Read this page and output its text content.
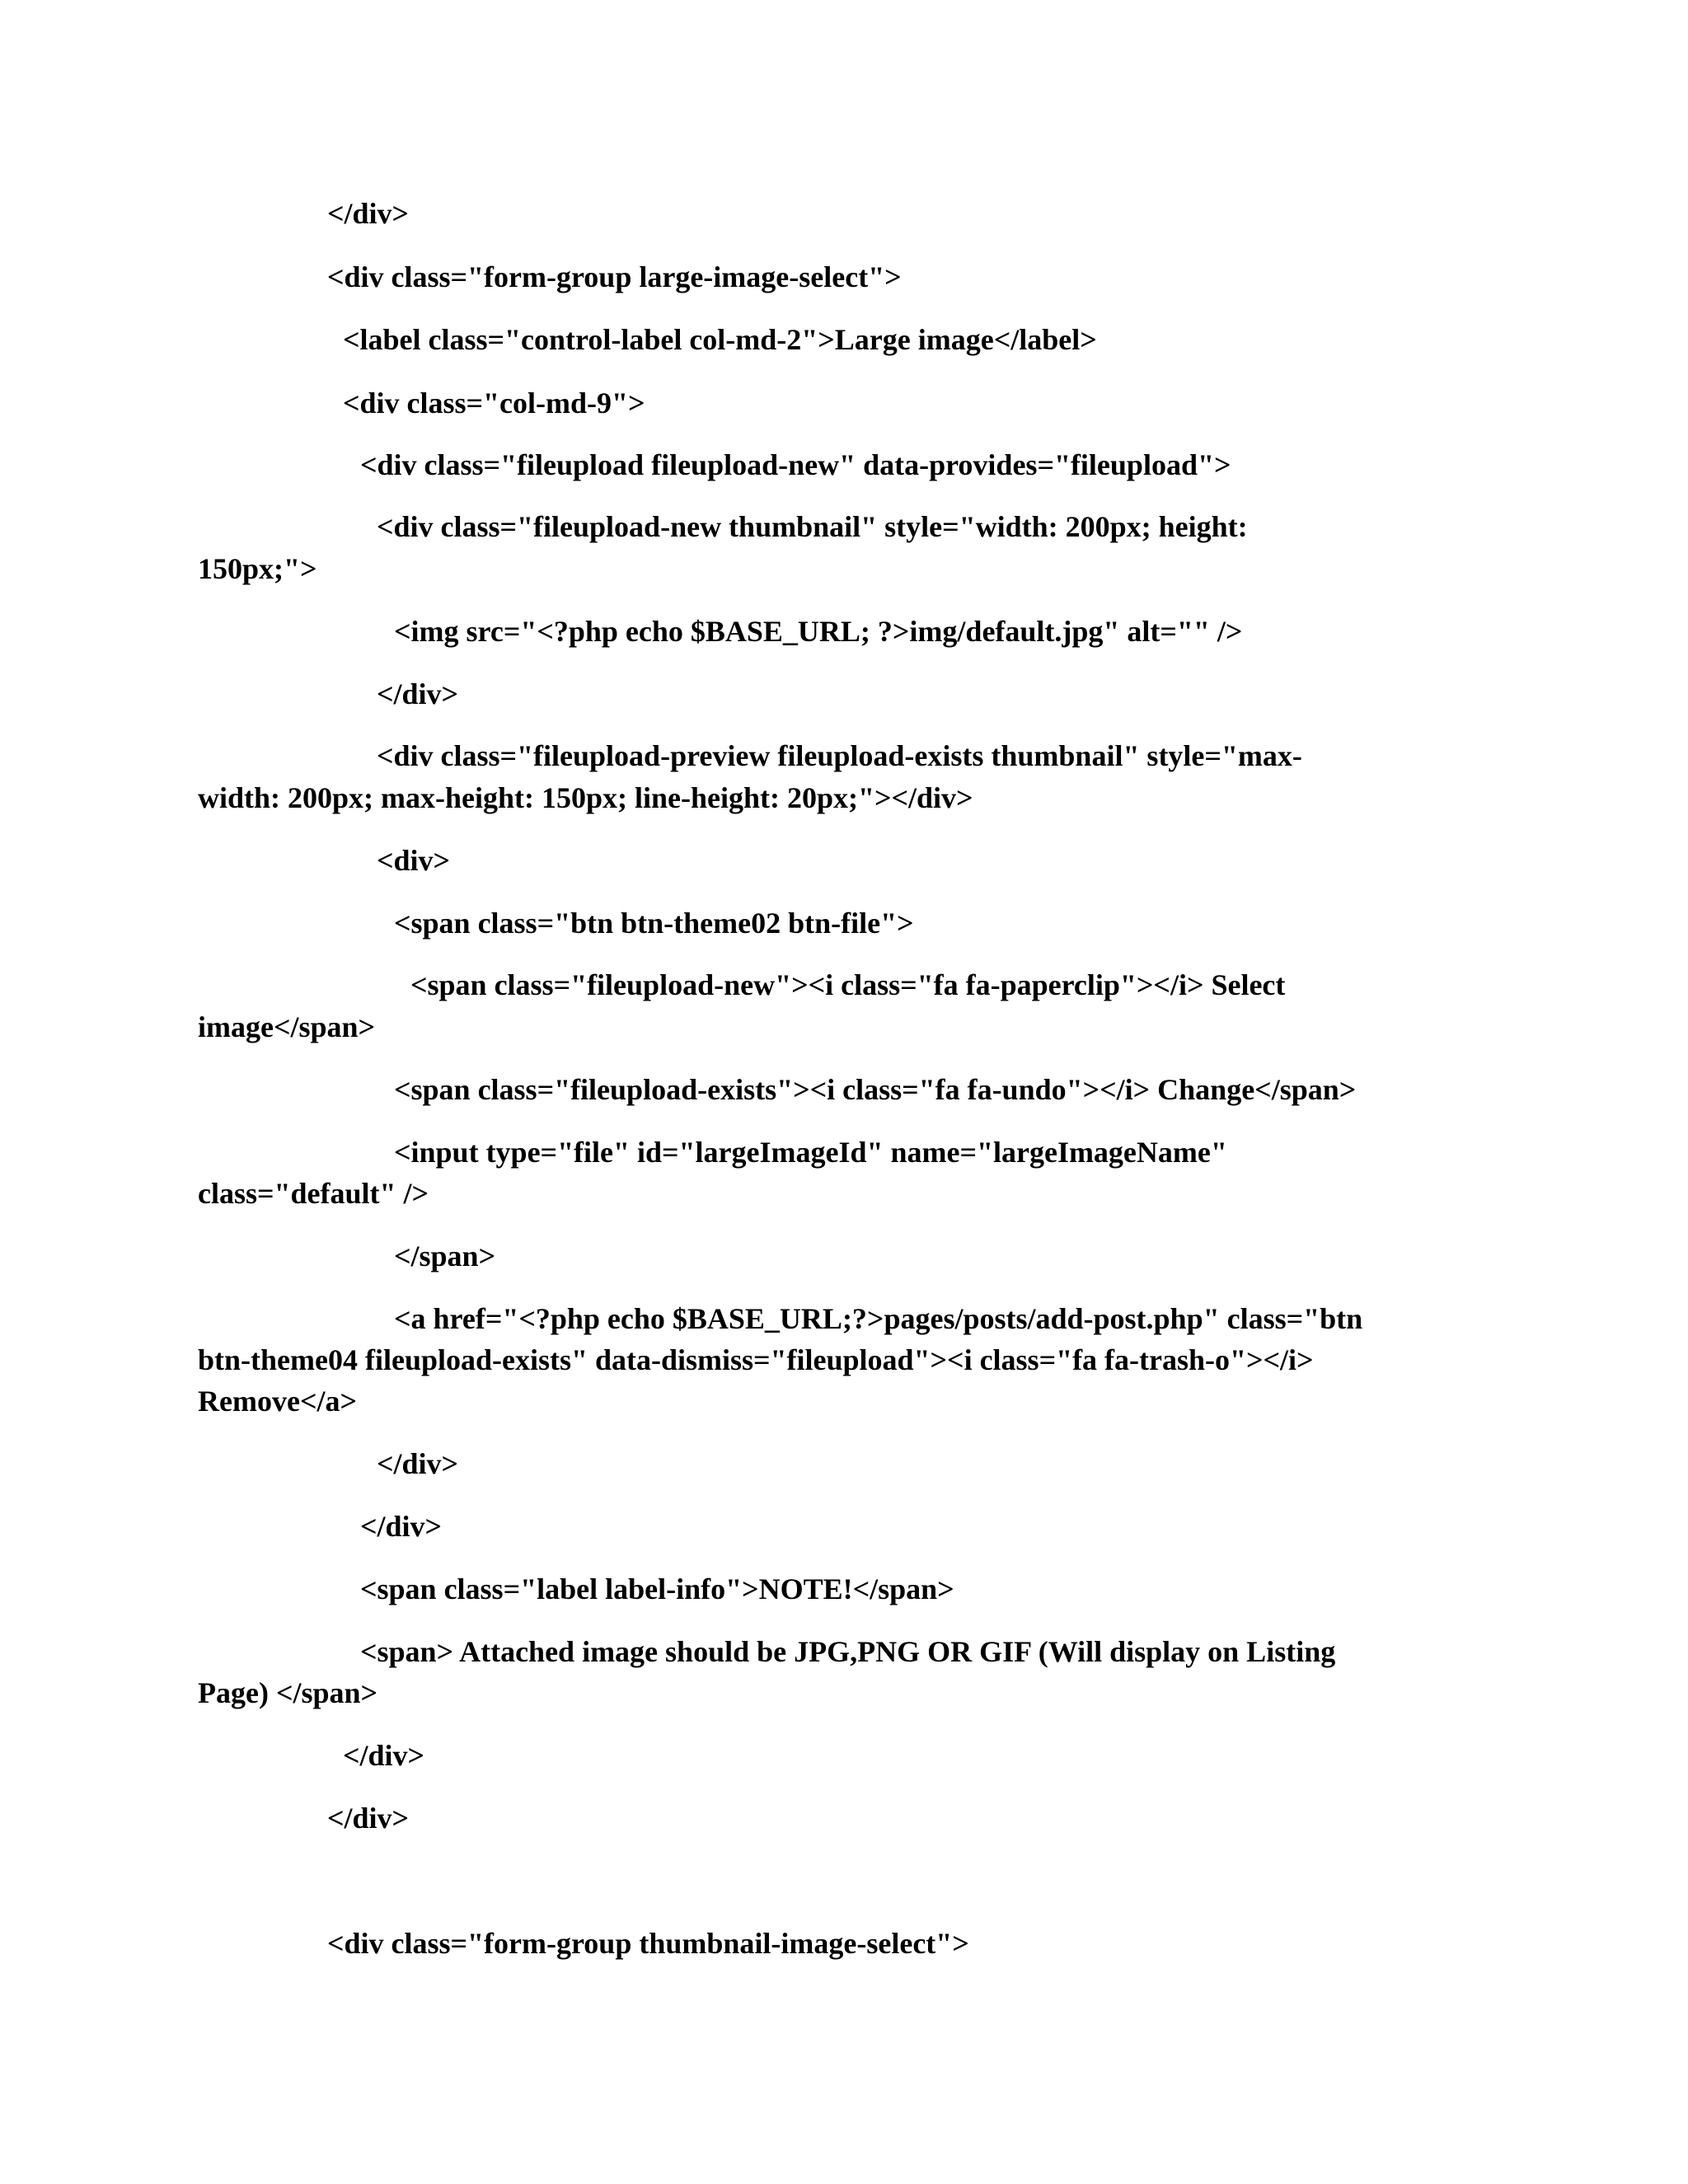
</div>

<div class="form-group large-image-select">

<label class="control-label col-md-2">Large image</label>

<div class="col-md-9">

<div class="fileupload fileupload-new" data-provides="fileupload">

<div class="fileupload-new thumbnail" style="width: 200px; height:

150px;">

<img src="<?php echo $BASE_URL; ?>img/default.jpg" alt="" />

</div>

<div class="fileupload-preview fileupload-exists thumbnail" style="max-

width: 200px; max-height: 150px; line-height: 20px;"></div>

<div>

<span class="btn btn-theme02 btn-file">

<span class="fileupload-new"><i class="fa fa-paperclip"></i> Select

image</span>

<span class="fileupload-exists"><i class="fa fa-undo"></i> Change</span>

<input type="file" id="largeImageId" name="largeImageName"

class="default" />

</span>

<a href="<?php echo $BASE_URL;?>pages/posts/add-post.php" class="btn

btn-theme04 fileupload-exists" data-dismiss="fileupload"><i class="fa fa-trash-o"></i>

Remove</a>

</div>

</div>

<span class="label label-info">NOTE!</span>

<span> Attached image should be JPG,PNG OR GIF (Will display on Listing

Page) </span>

</div>

</div>

<div class="form-group thumbnail-image-select">
